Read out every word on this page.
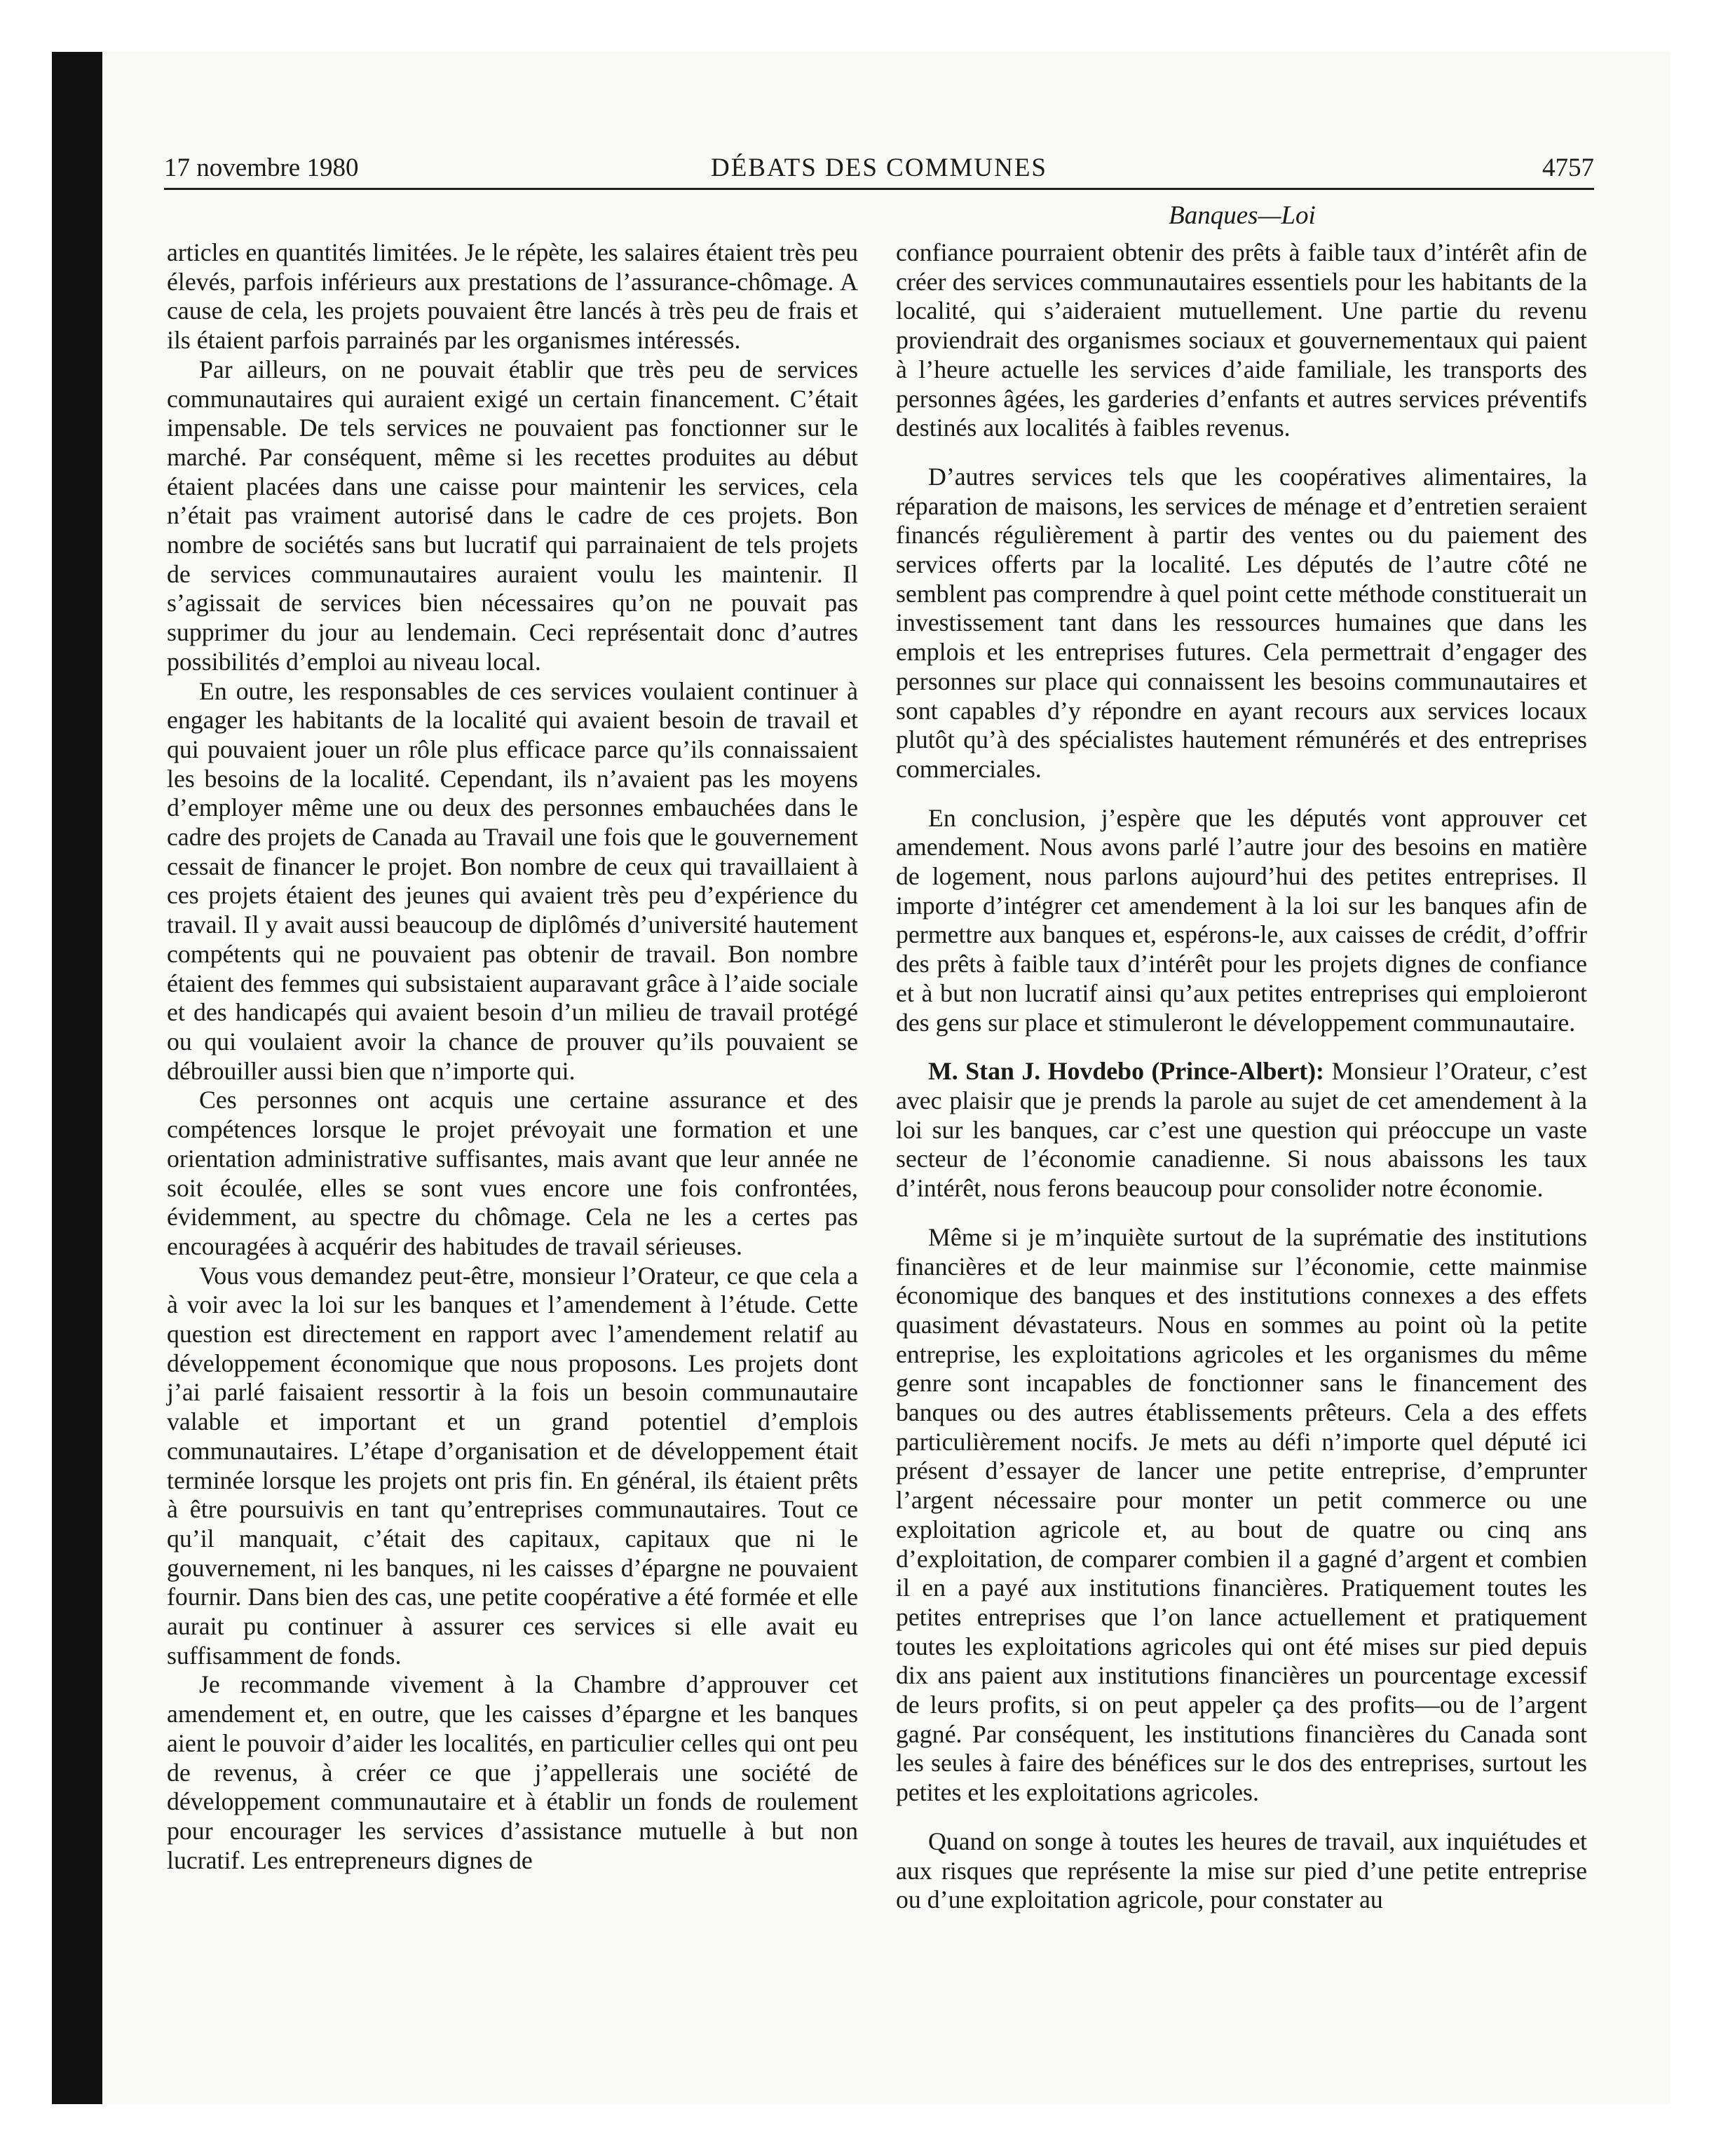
17 novembre 1980	DÉBATS DES COMMUNES	4757
Banques—Loi

articles en quantités limitées. Je le répète, les salaires étaient très peu élevés, parfois inférieurs aux prestations de l’assurance-chômage. A cause de cela, les projets pouvaient être lancés à très peu de frais et ils étaient parfois parrainés par les organismes intéressés.

Par ailleurs, on ne pouvait établir que très peu de services communautaires qui auraient exigé un certain financement. C’était impensable. De tels services ne pouvaient pas fonctionner sur le marché. Par conséquent, même si les recettes produites au début étaient placées dans une caisse pour maintenir les services, cela n’était pas vraiment autorisé dans le cadre de ces projets. Bon nombre de sociétés sans but lucratif qui parrainaient de tels projets de services communautaires auraient voulu les maintenir. Il s’agissait de services bien nécessaires qu’on ne pouvait pas supprimer du jour au lendemain. Ceci représentait donc d’autres possibilités d’emploi au niveau local.

En outre, les responsables de ces services voulaient continuer à engager les habitants de la localité qui avaient besoin de travail et qui pouvaient jouer un rôle plus efficace parce qu’ils connaissaient les besoins de la localité. Cependant, ils n’avaient pas les moyens d’employer même une ou deux des personnes embauchées dans le cadre des projets de Canada au Travail une fois que le gouvernement cessait de financer le projet. Bon nombre de ceux qui travaillaient à ces projets étaient des jeunes qui avaient très peu d’expérience du travail. Il y avait aussi beaucoup de diplômés d’université hautement compétents qui ne pouvaient pas obtenir de travail. Bon nombre étaient des femmes qui subsistaient auparavant grâce à l’aide sociale et des handicapés qui avaient besoin d’un milieu de travail protégé ou qui voulaient avoir la chance de prouver qu’ils pouvaient se débrouiller aussi bien que n’importe qui.

Ces personnes ont acquis une certaine assurance et des compétences lorsque le projet prévoyait une formation et une orientation administrative suffisantes, mais avant que leur année ne soit écoulée, elles se sont vues encore une fois confrontées, évidemment, au spectre du chômage. Cela ne les a certes pas encouragées à acquérir des habitudes de travail sérieuses.

Vous vous demandez peut-être, monsieur l’Orateur, ce que cela a à voir avec la loi sur les banques et l’amendement à l’étude. Cette question est directement en rapport avec l’amendement relatif au développement économique que nous proposons. Les projets dont j’ai parlé faisaient ressortir à la fois un besoin communautaire valable et important et un grand potentiel d’emplois communautaires. L’étape d’organisation et de développement était terminée lorsque les projets ont pris fin. En général, ils étaient prêts à être poursuivis en tant qu’entreprises communautaires. Tout ce qu’il manquait, c’était des capitaux, capitaux que ni le gouvernement, ni les banques, ni les caisses d’épargne ne pouvaient fournir. Dans bien des cas, une petite coopérative a été formée et elle aurait pu continuer à assurer ces services si elle avait eu suffisamment de fonds.

Je recommande vivement à la Chambre d’approuver cet amendement et, en outre, que les caisses d’épargne et les banques aient le pouvoir d’aider les localités, en particulier celles qui ont peu de revenus, à créer ce que j’appellerais une société de développement communautaire et à établir un fonds de roulement pour encourager les services d’assistance mutuelle à but non lucratif. Les entrepreneurs dignes de

confiance pourraient obtenir des prêts à faible taux d’intérêt afin de créer des services communautaires essentiels pour les habitants de la localité, qui s’aideraient mutuellement. Une partie du revenu proviendrait des organismes sociaux et gouvernementaux qui paient à l’heure actuelle les services d’aide familiale, les transports des personnes âgées, les garderies d’enfants et autres services préventifs destinés aux localités à faibles revenus.

D’autres services tels que les coopératives alimentaires, la réparation de maisons, les services de ménage et d’entretien seraient financés régulièrement à partir des ventes ou du paiement des services offerts par la localité. Les députés de l’autre côté ne semblent pas comprendre à quel point cette méthode constituerait un investissement tant dans les ressources humaines que dans les emplois et les entreprises futures. Cela permettrait d’engager des personnes sur place qui connaissent les besoins communautaires et sont capables d’y répondre en ayant recours aux services locaux plutôt qu’à des spécialistes hautement rémunérés et des entreprises commerciales.

En conclusion, j’espère que les députés vont approuver cet amendement. Nous avons parlé l’autre jour des besoins en matière de logement, nous parlons aujourd’hui des petites entreprises. Il importe d’intégrer cet amendement à la loi sur les banques afin de permettre aux banques et, espérons-le, aux caisses de crédit, d’offrir des prêts à faible taux d’intérêt pour les projets dignes de confiance et à but non lucratif ainsi qu’aux petites entreprises qui emploieront des gens sur place et stimuleront le développement communautaire.

M. Stan J. Hovdebo (Prince-Albert): Monsieur l’Orateur, c’est avec plaisir que je prends la parole au sujet de cet amendement à la loi sur les banques, car c’est une question qui préoccupe un vaste secteur de l’économie canadienne. Si nous abaissons les taux d’intérêt, nous ferons beaucoup pour consolider notre économie.

Même si je m’inquiète surtout de la suprématie des institutions financières et de leur mainmise sur l’économie, cette mainmise économique des banques et des institutions connexes a des effets quasiment dévastateurs. Nous en sommes au point où la petite entreprise, les exploitations agricoles et les organismes du même genre sont incapables de fonctionner sans le financement des banques ou des autres établissements prêteurs. Cela a des effets particulièrement nocifs. Je mets au défi n’importe quel député ici présent d’essayer de lancer une petite entreprise, d’emprunter l’argent nécessaire pour monter un petit commerce ou une exploitation agricole et, au bout de quatre ou cinq ans d’exploitation, de comparer combien il a gagné d’argent et combien il en a payé aux institutions financières. Pratiquement toutes les petites entreprises que l’on lance actuellement et pratiquement toutes les exploitations agricoles qui ont été mises sur pied depuis dix ans paient aux institutions financières un pourcentage excessif de leurs profits, si on peut appeler ça des profits—ou de l’argent gagné. Par conséquent, les institutions financières du Canada sont les seules à faire des bénéfices sur le dos des entreprises, surtout les petites et les exploitations agricoles.

Quand on songe à toutes les heures de travail, aux inquiétudes et aux risques que représente la mise sur pied d’une petite entreprise ou d’une exploitation agricole, pour constater au
